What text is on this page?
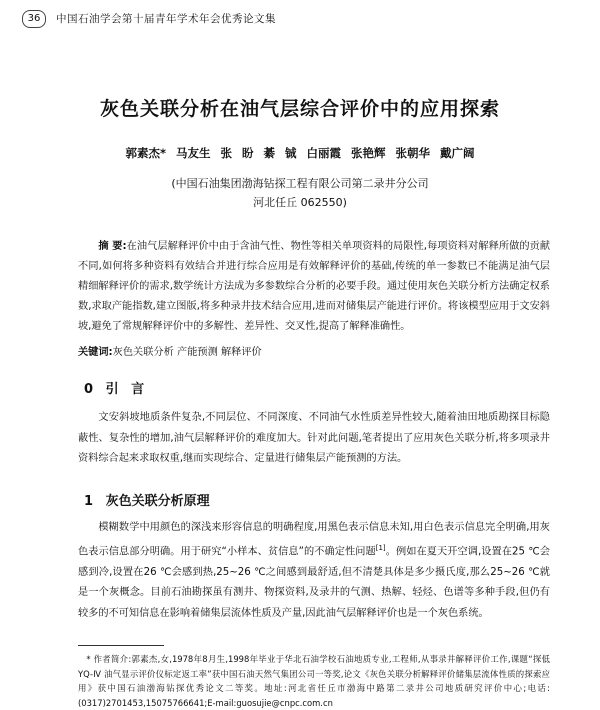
36	中国石油学会第十届青年学术年会优秀论文集
灰色关联分析在油气层综合评价中的应用探索
郭素杰* 马友生 张 盼 綦 铖 白丽霞 张艳辉 张朝华 戴广阔
(中国石油集团渤海钻探工程有限公司第二录井分公司
河北任丘 062550)
摘 要:在油气层解释评价中由于含油气性、物性等相关单项资料的局限性,每项资料对解释所做的贡献不同,如何将多种资料有效结合并进行综合应用是有效解释评价的基础,传统的单一参数已不能满足油气层精细解释评价的需求,数学统计方法成为多参数综合分析的必要手段。通过使用灰色关联分析方法确定权系数,求取产能指数,建立图版,将多种录井技术结合应用,进而对储集层产能进行评价。将该模型应用于文安斜坡,避免了常规解释评价中的多解性、差异性、交叉性,提高了解释准确性。
关键词:灰色关联分析 产能预测 解释评价
0 引 言
文安斜坡地质条件复杂,不同层位、不同深度、不同油气水性质差异性较大,随着油田地质勘探目标隐蔽性、复杂性的增加,油气层解释评价的难度加大。针对此问题,笔者提出了应用灰色关联分析,将多项录井资料综合起来求取权重,继而实现综合、定量进行储集层产能预测的方法。
1 灰色关联分析原理
模糊数学中用颜色的深浅来形容信息的明确程度,用黑色表示信息未知,用白色表示信息完全明确,用灰色表示信息部分明确。用于研究“小样本、贫信息”的不确定性问题[1]。例如在夏天开空调,设置在25 ℃会感到冷,设置在26 ℃会感到热,25~26 ℃之间感到最舒适,但不清楚具体是多少摄氏度,那么25~26 ℃就是一个灰概念。目前石油勘探虽有测井、物探资料,及录井的气测、热解、轻烃、色谱等多种手段,但仍有较多的不可知信息在影响着储集层流体性质及产量,因此油气层解释评价也是一个灰色系统。
* 作者简介:郭素杰,女,1978年8月生,1998年毕业于华北石油学校石油地质专业,工程师,从事录井解释评价工作,课题“探低 YQ-Ⅳ 油气显示评价仪标定返工率”获中国石油天然气集团公司一等奖,论文《灰色关联分析解释评价储集层流体性质的探索应用》获中国石油渤海钻探优秀论文二等奖。地址:河北省任丘市渤海中路第二录井公司地质研究评价中心;电话:(0317)2701453,15075766641;E-mail:guosujie@cnpc.com.cn
